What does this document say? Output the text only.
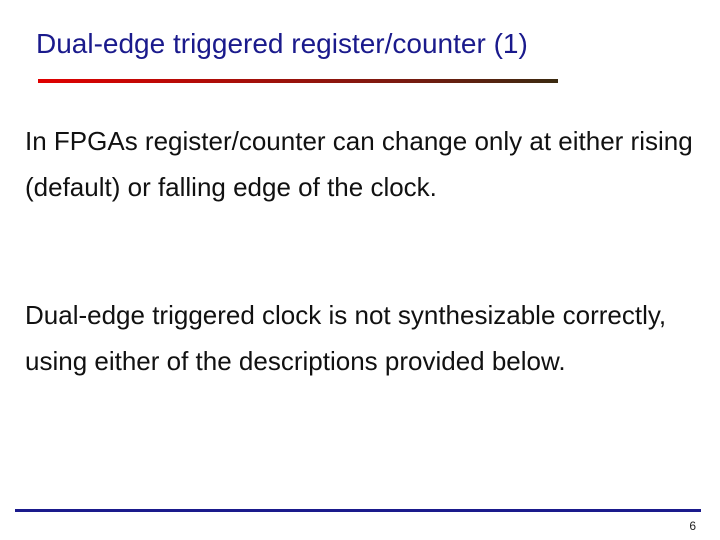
Dual-edge triggered register/counter (1)
In FPGAs register/counter can change only at either rising (default) or falling edge of the clock.
Dual-edge triggered clock is not synthesizable correctly, using either of the descriptions provided below.
6
